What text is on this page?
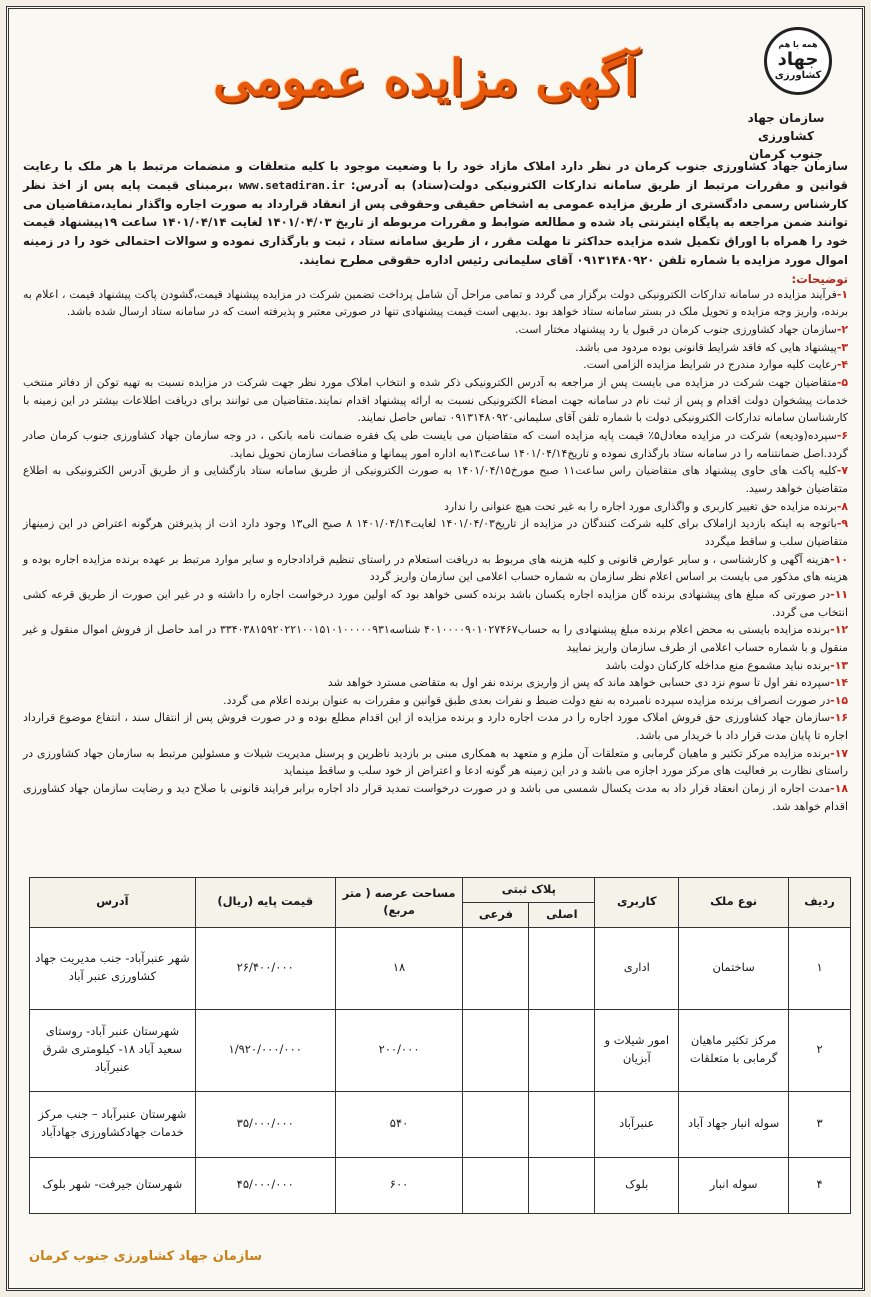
همه با هم
جهاد
کشاورزی
سازمان جهاد کشاورزی
جنوب کرمان
آگهی مزایده عمومی
سازمان جهاد کشاورزی جنوب کرمان در نظر دارد املاک مازاد خود را با وضعیت موجود با کلیه متعلقات و منضمات مرتبط با هر ملک با رعایت قوانین و مقررات مرتبط از طریق سامانه تدارکات الکترونیکی دولت(ستاد) به آدرس: www.setadiran.ir ،برمبنای قیمت پایه پس از اخذ نظر کارشناس رسمی دادگستری از طریق مزایده عمومی به اشخاص حقیقی وحقوقی پس از انعقاد قرارداد به صورت اجاره واگذار نماید،متقاضیان می توانند ضمن مراجعه به پایگاه اینترنتی یاد شده و مطالعه ضوابط و مقررات مربوطه از تاریخ ۱۴۰۱/۰۴/۰۳ لغایت ۱۴۰۱/۰۴/۱۴ ساعت ۱۹پیشنهاد قیمت خود را همراه با اوراق تکمیل شده مزایده حداکثر تا مهلت مقرر ، از طریق سامانه ستاد ، ثبت و بارگذاری نموده و سوالات احتمالی خود را در زمینه اموال مورد مزایده با شماره تلفن ۰۹۱۳۱۴۸۰۹۲۰ آقای سلیمانی رئیس اداره حقوقی مطرح نمایند.
توضیحات:

۱-فرآیند مزایده در سامانه تدارکات الکترونیکی دولت برگزار می گردد و تمامی مراحل آن شامل پرداخت تضمین شرکت در مزایده پیشنهاد قیمت،گشودن پاکت پیشنهاد قیمت ، اعلام به برنده، واریز وجه مزایده و تحویل ملک در بستر سامانه ستاد خواهد بود .بدیهی است قیمت پیشنهادی تنها در صورتی معتبر و پذیرفته است که در سامانه ستاد ارسال شده باشد.

۲-سازمان جهاد کشاورزی جنوب کرمان در قبول یا رد پیشنهاد مختار است.

۳-پیشنهاد هایی که فاقد شرایط قانونی بوده مردود می باشد.

۴-رعایت کلیه موارد مندرج در شرایط مزایده الزامی است.

۵-متقاضیان جهت شرکت در مزایده می بایست پس از مراجعه به آدرس الکترونیکی ذکر شده و انتخاب املاک مورد نظر جهت شرکت در مزایده نسبت به تهیه توکن از دفاتر منتخب خدمات پیشخوان دولت اقدام و پس از ثبت نام در سامانه جهت امضاء الکترونیکی نسبت به ارائه پیشنهاد اقدام نمایند.متقاضیان می توانند برای دریافت اطلاعات بیشتر در این زمینه با کارشناسان سامانه تدارکات الکترونیکی دولت با شماره تلفن آقای سلیمانی۰۹۱۳۱۴۸۰۹۲۰ تماس حاصل نمایند.

۶-سپرده(ودیعه) شرکت در مزایده معادل۵٪ قیمت پایه مزایده است که متقاضیان می بایست طی یک فقره ضمانت نامه بانکی ، در وجه سازمان جهاد کشاورزی جنوب کرمان صادر گردد.اصل ضمانتنامه را در سامانه ستاد بارگذاری نموده و تاریخ۱۴۰۱/۰۴/۱۴ ساعت۱۳به اداره امور پیمانها و مناقصات سازمان تحویل نماید.

۷-کلیه پاکت های حاوی پیشنهاد های متقاضیان راس ساعت۱۱ صبح مورخ۱۴۰۱/۰۴/۱۵ به صورت الکترونیکی از طریق سامانه ستاد بازگشایی و از طریق آدرس الکترونیکی به اطلاع متقاضیان خواهد رسید.

۸-برنده مزایده حق تغییر کاربری و واگذاری مورد اجاره را به غیر تحت هیچ عنوانی را ندارد

۹-باتوجه به اینکه بازدید ازاملاک برای کلیه شرکت کنندگان در مزایده از تاریخ۱۴۰۱/۰۴/۰۳ لغایت۱۴۰۱/۰۴/۱۴ ۸ صبح الی۱۳ وجود دارد اذت از پذیرفتن هرگونه اعتراض در این زمینهاز متقاضیان سلب و ساقط میگردد

۱۰-هزینه آگهی و کارشناسی ، و سایر عوارض قانونی و کلیه هزینه های مربوط به دریافت استعلام در راستای تنظیم قرادادجاره و سایر موارد مرتبط بر عهده برنده مزایده اجاره بوده و هزینه های مذکور می بایست بر اساس اعلام نظر سازمان به شماره حساب اعلامی این سازمان واریز گردد

۱۱-در صورتی که مبلغ های پیشنهادی برنده گان مزایده اجاره یکسان باشد برنده کسی خواهد بود که اولین مورد درخواست اجاره را داشته و در غیر این صورت از طریق قرعه کشی انتخاب می گردد.

۱۲-برنده مزایده بایستی به محض اعلام برنده مبلغ پیشنهادی را به حساب۴۰۱۰۰۰۰۹۰۱۰۲۷۴۶۷ شناسه۳۳۴۰۳۸۱۵۹۲۰۲۲۱۰۰۱۵۱۰۱۰۰۰۰۰۹۳۱ در امد حاصل از فروش اموال منقول و غیر منقول و با شماره حساب اعلامی از طرف سازمان واریز نمایید

۱۳-برنده نباید مشموع منع مداخله کارکنان دولت باشد

۱۴-سپرده نفر اول تا سوم نزد دی حسابی خواهد ماند که پس از واریزی برنده نفر اول به متقاضی مسترد خواهد شد

۱۵-در صورت انصراف برنده مزایده سپرده نامبرده به نفع دولت ضبط و نفرات بعدی طبق قوانین و مقررات به عنوان برنده اعلام می گردد.

۱۶-سازمان جهاد کشاورزی حق فروش املاک مورد اجاره را در مدت اجاره دارد و برنده مزایده از این اقدام مطلع بوده و در صورت فروش پس از انتقال سند ، انتفاع موضوع قرارداد اجاره تا پایان مدت قرار داد با خریدار می باشد.

۱۷-برنده مزایده مرکز تکثیر و ماهیان گرمابی و متعلقات آن ملزم و متعهد به همکاری مبنی بر بازدید ناظرین و پرسنل مدیریت شیلات و مسئولین مرتبط به سازمان جهاد کشاورزی در راستای نظارت بر فعالیت های مرکز مورد اجازه می باشد و در این زمینه هر گونه ادعا و اعتراض از خود سلب و ساقط مینماید

۱۸-مدت اجاره از زمان انعقاد قرار داد به مدت یکسال شمسی می باشد و در صورت درخواست تمدید قرار داد اجاره برابر فرایند قانونی با صلاح دید و رضایت سازمان جهاد کشاورزی اقدام خواهد شد.

ردیف	نوع ملک	کاربری	پلاک ثبتی		مساحت عرصه ( متر مربع)	قیمت پایه (ریال)	آدرس
			اصلی	فرعی			
۱	ساختمان	اداری			۱۸	۲۶/۴۰۰/۰۰۰	شهر عنبرآباد- جنب مدیریت جهاد کشاورزی عنبر آباد
۲	مرکز تکثیر ماهیان گرمابی با متعلقات	امور شیلات و آبزیان			۲۰۰/۰۰۰	۱/۹۲۰/۰۰۰/۰۰۰	شهرستان عنبر آباد- روستای سعید آباد ۱۸- کیلومتری شرق عنبرآباد
۳	سوله انبار جهاد آباد	عنبرآباد			۵۴۰	۳۵/۰۰۰/۰۰۰	شهرستان عنبرآباد – جنب مرکز خدمات جهادکشاورزی جهادآباد
۴	سوله انبار	بلوک			۶۰۰	۴۵/۰۰۰/۰۰۰	شهرستان جیرفت- شهر بلوک
سازمان جهاد کشاورزی جنوب کرمان
